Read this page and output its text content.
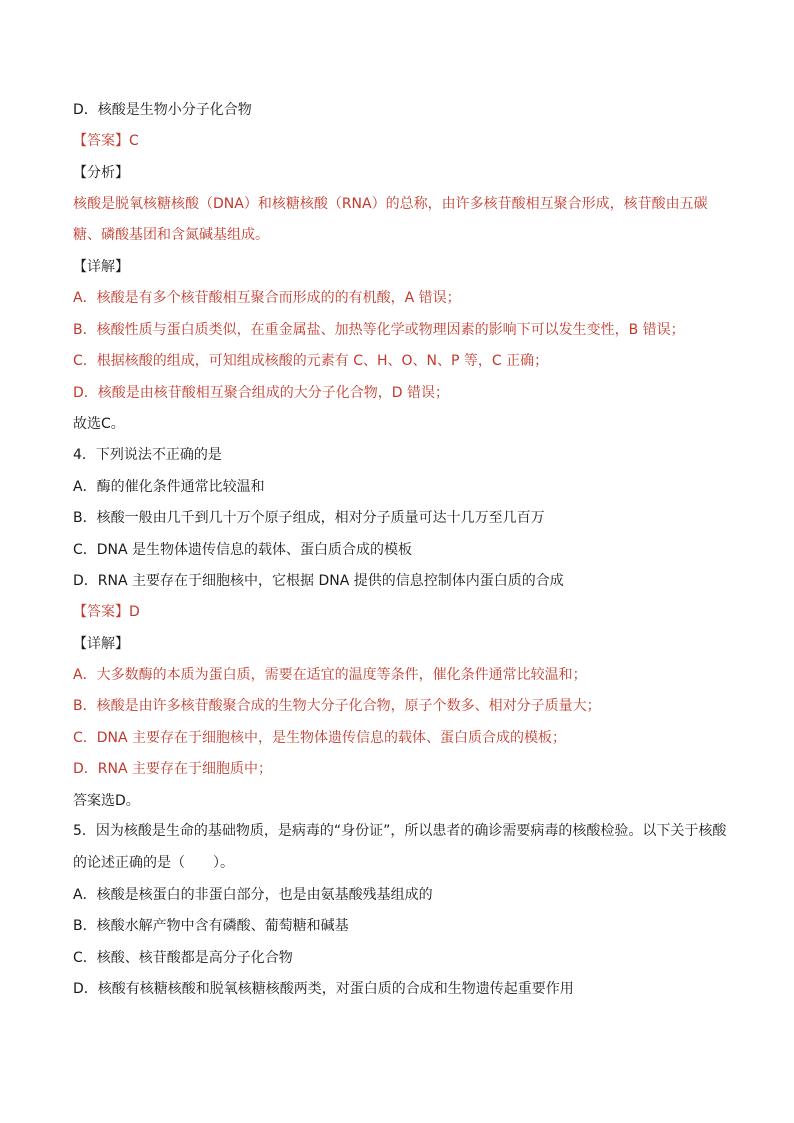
D．核酸是生物小分子化合物
【答案】C
【分析】
核酸是脱氧核糖核酸（DNA）和核糖核酸（RNA）的总称，由许多核苷酸相互聚合形成，核苷酸由五碳糖、磷酸基团和含氮碱基组成。
【详解】
A．核酸是有多个核苷酸相互聚合而形成的的有机酸，A 错误；
B．核酸性质与蛋白质类似，在重金属盐、加热等化学或物理因素的影响下可以发生变性，B 错误；
C．根据核酸的组成，可知组成核酸的元素有 C、H、O、N、P 等，C 正确；
D．核酸是由核苷酸相互聚合组成的大分子化合物，D 错误；
故选C。
4．下列说法不正确的是
A．酶的催化条件通常比较温和
B．核酸一般由几千到几十万个原子组成，相对分子质量可达十几万至几百万
C．DNA 是生物体遗传信息的载体、蛋白质合成的模板
D．RNA 主要存在于细胞核中，它根据 DNA 提供的信息控制体内蛋白质的合成
【答案】D
【详解】
A．大多数酶的本质为蛋白质，需要在适宜的温度等条件，催化条件通常比较温和；
B．核酸是由许多核苷酸聚合成的生物大分子化合物，原子个数多、相对分子质量大；
C．DNA 主要存在于细胞核中，是生物体遗传信息的载体、蛋白质合成的模板；
D．RNA 主要存在于细胞质中；
答案选D。
5．因为核酸是生命的基础物质，是病毒的“身份证”，所以患者的确诊需要病毒的核酸检验。以下关于核酸的论述正确的是（　　）。
A．核酸是核蛋白的非蛋白部分，也是由氨基酸残基组成的
B．核酸水解产物中含有磷酸、葡萄糖和碱基
C．核酸、核苷酸都是高分子化合物
D．核酸有核糖核酸和脱氧核糖核酸两类，对蛋白质的合成和生物遗传起重要作用
